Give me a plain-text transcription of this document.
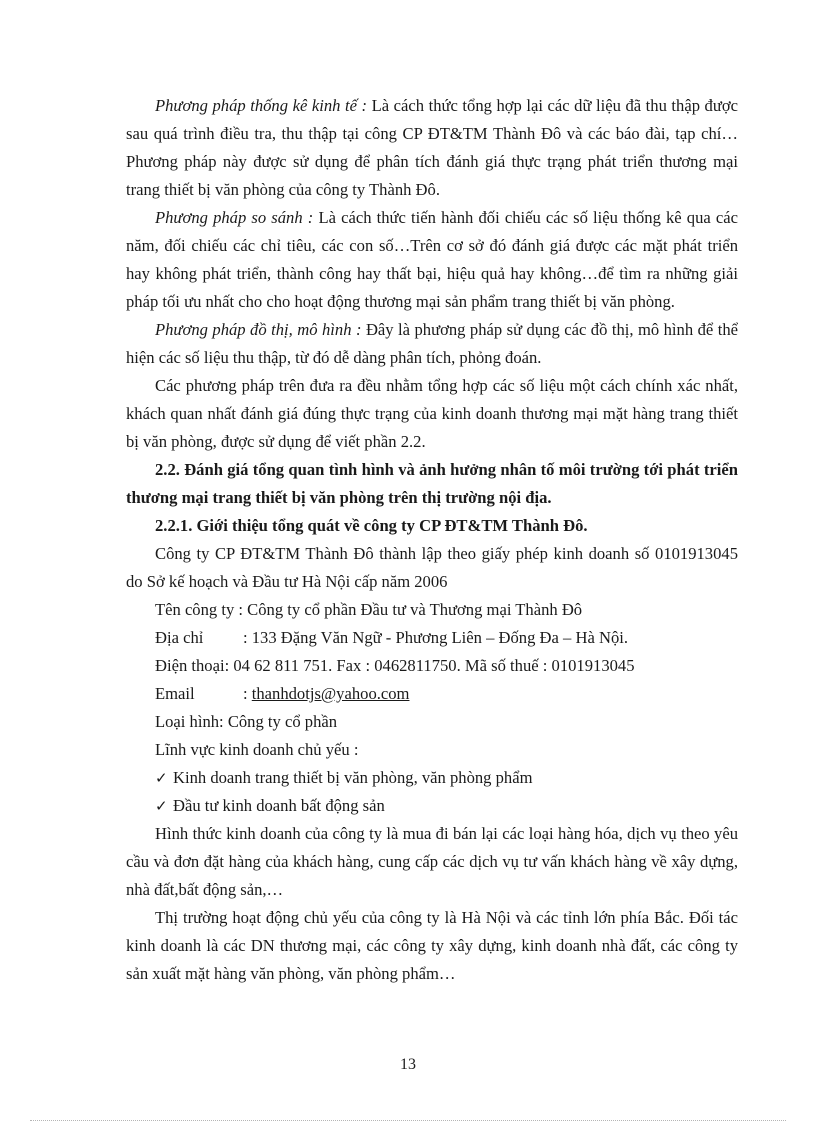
Phương pháp thống kê kinh tế : Là cách thức tổng hợp lại các dữ liệu đã thu thập được sau quá trình điều tra, thu thập tại công CP ĐT&TM Thành Đô và các báo đài, tạp chí…Phương pháp này được sử dụng để phân tích đánh giá thực trạng phát triển thương mại trang thiết bị văn phòng của công ty Thành Đô.

Phương pháp so sánh : Là cách thức tiến hành đối chiếu các số liệu thống kê qua các năm, đối chiếu các chỉ tiêu, các con số…Trên cơ sở đó đánh giá được các mặt phát triển hay không phát triển, thành công hay thất bại, hiệu quả hay không…để tìm ra những giải pháp tối ưu nhất cho cho hoạt động thương mại sản phẩm trang thiết bị văn phòng.

Phương pháp đồ thị, mô hình : Đây là phương pháp sử dụng các đồ thị, mô hình để thể hiện các số liệu thu thập, từ đó dễ dàng phân tích, phỏng đoán.

Các phương pháp trên đưa ra đều nhằm tổng hợp các số liệu một cách chính xác nhất, khách quan nhất đánh giá đúng thực trạng của kinh doanh thương mại mặt hàng trang thiết bị văn phòng, được sử dụng để viết phần 2.2.

2.2. Đánh giá tổng quan tình hình và ảnh hưởng nhân tố môi trường tới phát triển thương mại trang thiết bị văn phòng trên thị trường nội địa.

2.2.1. Giới thiệu tổng quát về công ty CP ĐT&TM Thành Đô.

Công ty CP ĐT&TM Thành Đô thành lập theo giấy phép kinh doanh số 0101913045 do Sở kế hoạch và Đầu tư Hà Nội cấp năm 2006

Tên công ty : Công ty cổ phần Đầu tư và Thương mại Thành Đô

Địa chỉ : 133 Đặng Văn Ngữ - Phương Liên – Đống Đa – Hà Nội.

Điện thoại: 04 62 811 751. Fax : 0462811750. Mã số thuế : 0101913045

Email	: thanhdotjs@yahoo.com

Loại hình: Công ty cổ phần

Lĩnh vực kinh doanh chủ yếu :

✓ Kinh doanh trang thiết bị văn phòng, văn phòng phẩm

✓ Đầu tư kinh doanh bất động sản

Hình thức kinh doanh của công ty là mua đi bán lại các loại hàng hóa, dịch vụ theo yêu cầu và đơn đặt hàng của khách hàng, cung cấp các dịch vụ tư vấn khách hàng về xây dựng, nhà đất,bất động sản,…

Thị trường hoạt động chủ yếu của công ty là Hà Nội và các tỉnh lớn phía Bắc. Đối tác kinh doanh là các DN thương mại, các công ty xây dựng, kinh doanh nhà đất, các công ty sản xuất mặt hàng văn phòng, văn phòng phẩm…

13
